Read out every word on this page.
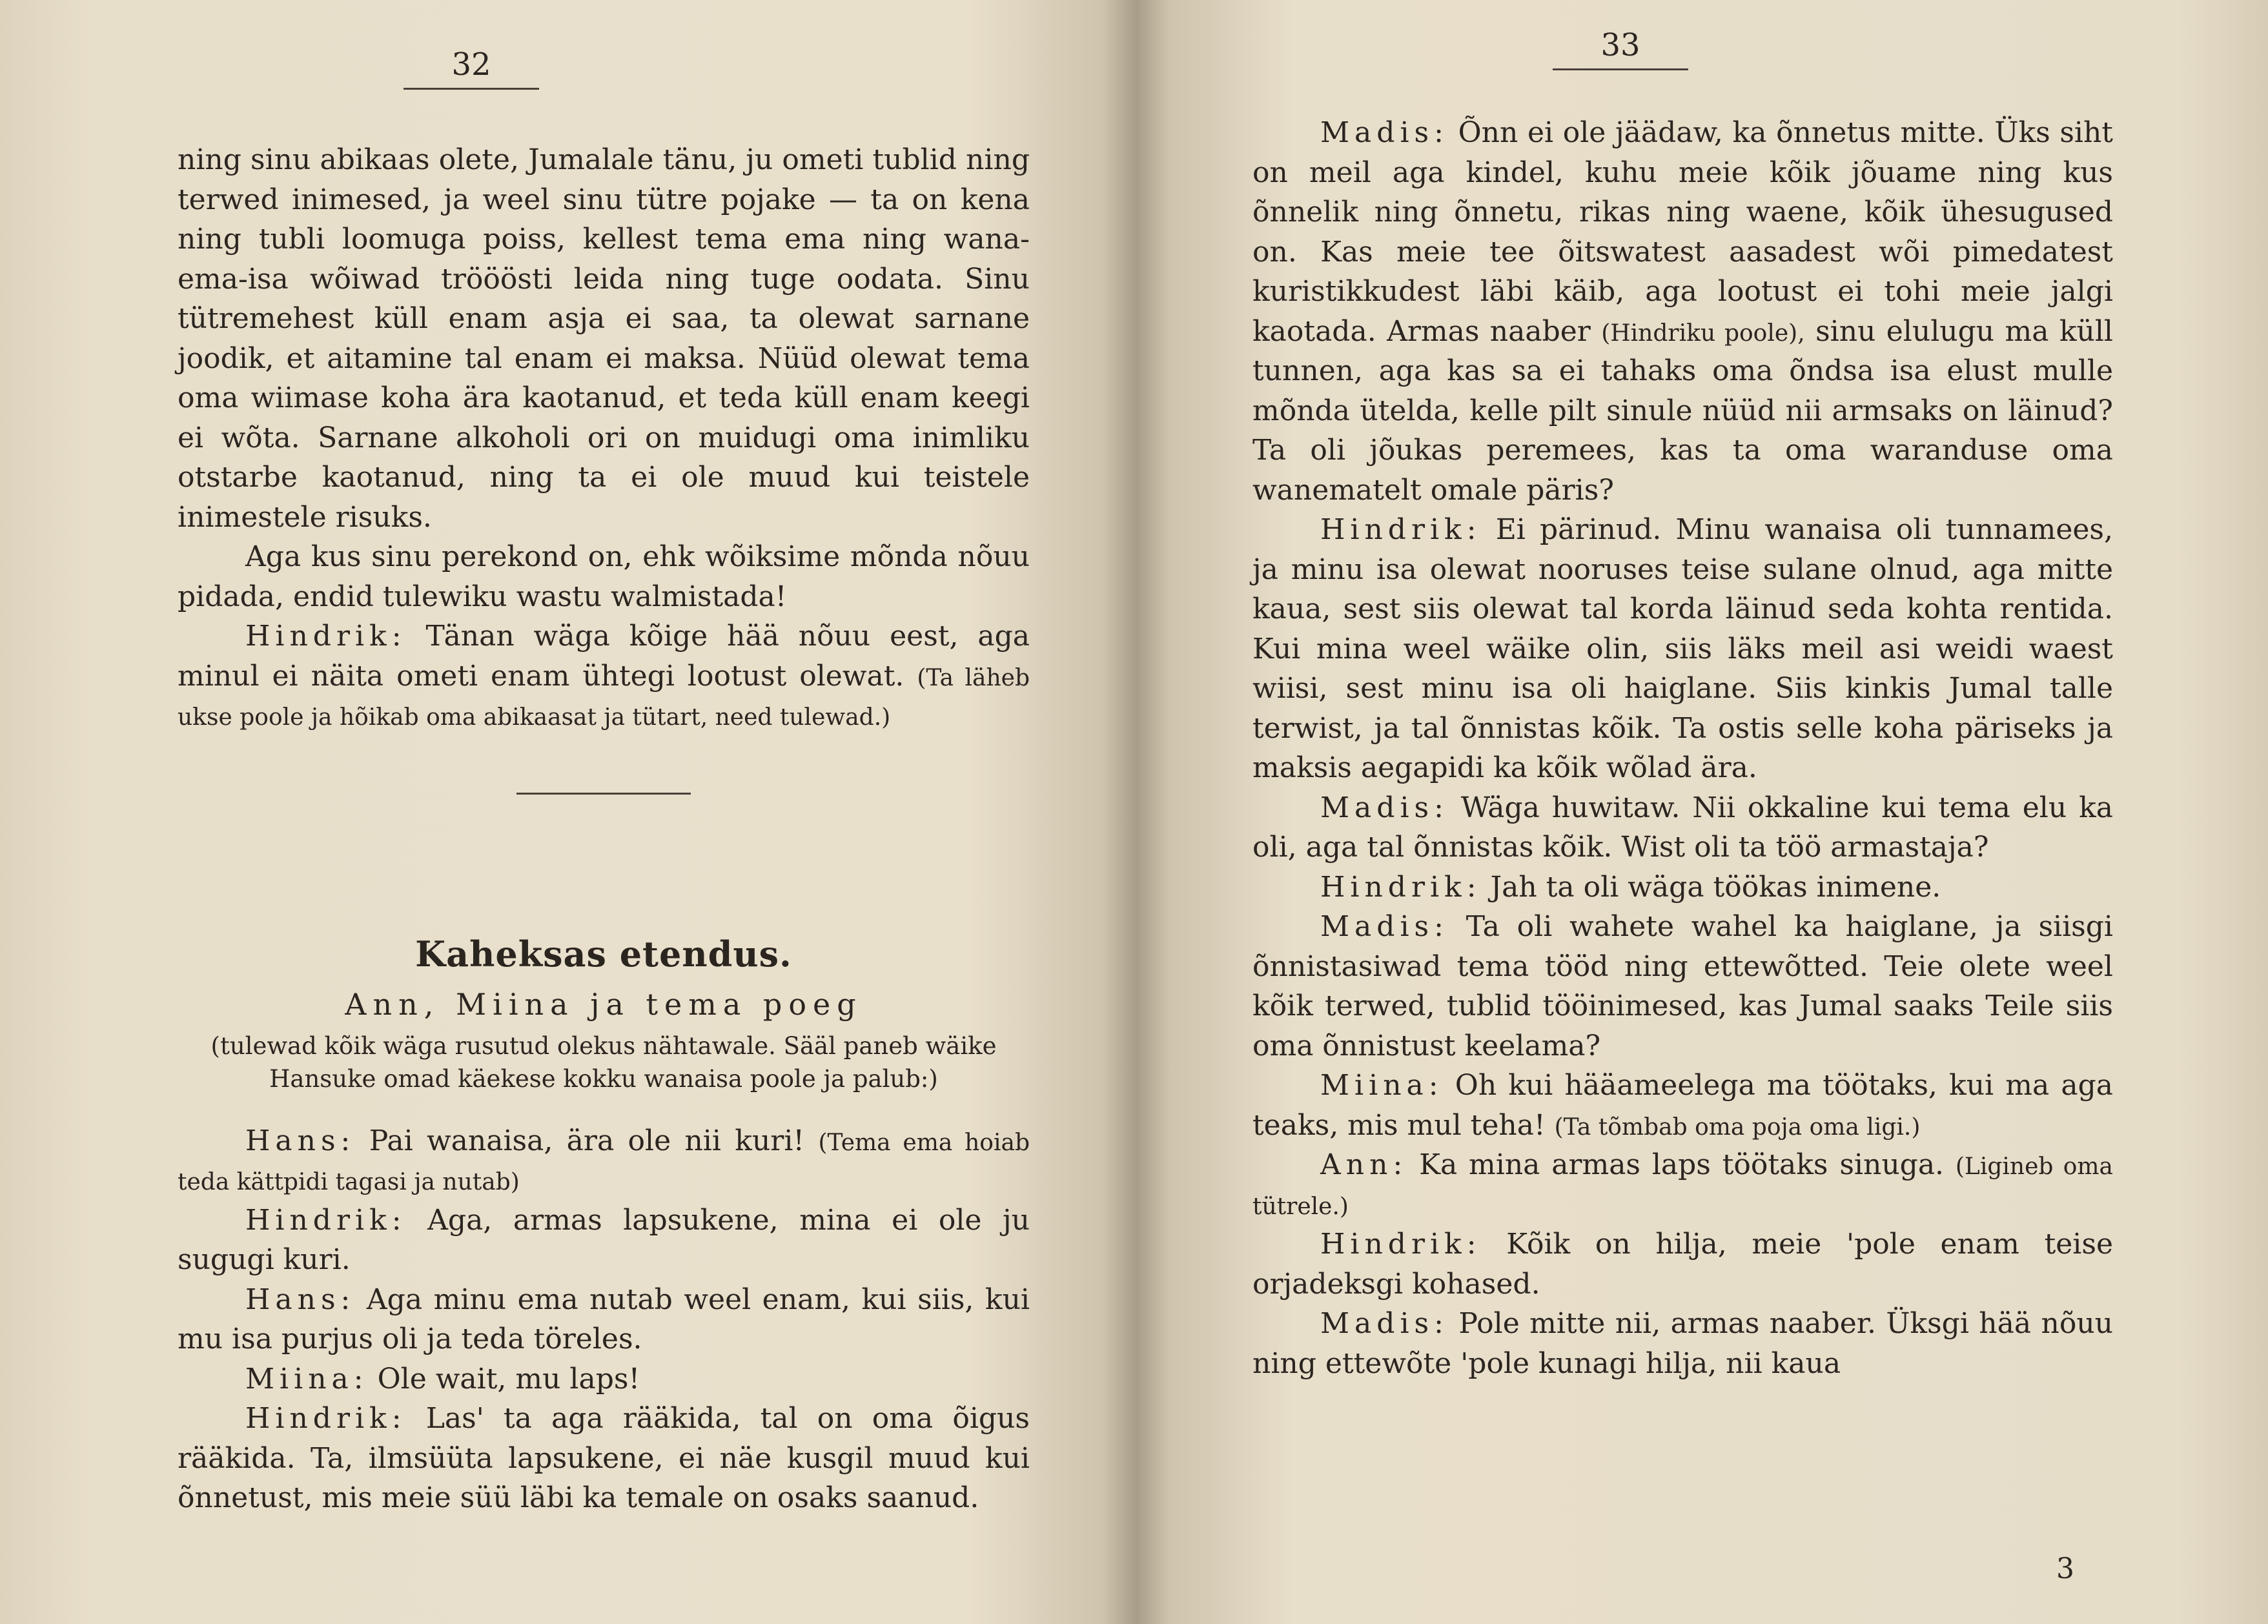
32

ning sinu abikaas olete, Jumalale tänu, ju ometi tublid ning terwed inimesed, ja weel sinu tütre pojake — ta on kena ning tubli loomuga poiss, kellest tema ema ning wana-ema-isa wõiwad trööösti leida ning tuge oodata. Sinu tütremehest küll enam asja ei saa, ta olewat sarnane joodik, et aitamine tal enam ei maksa. Nüüd olewat tema oma wiimase koha ära kaotanud, et teda küll enam keegi ei wõta. Sarnane alkoholi ori on muidugi oma inimliku otstarbe kaotanud, ning ta ei ole muud kui teistele inimestele risuks.

Aga kus sinu perekond on, ehk wõiksime mõnda nõuu pidada, endid tulewiku wastu walmistada!

Hindrik: Tänan wäga kõige hää nõuu eest, aga minul ei näita ometi enam ühtegi lootust olewat. (Ta läheb ukse poole ja hõikab oma abikaasat ja tütart, need tulewad.)

Kaheksas etendus.
Ann, Miina ja tema poeg
(tulewad kõik wäga rusutud olekus nähtawale. Sääl paneb wäike Hansuke omad käekese kokku wanaisa poole ja palub:)

Hans: Pai wanaisa, ära ole nii kuri! (Tema ema hoiab teda kättpidi tagasi ja nutab)

Hindrik: Aga, armas lapsukene, mina ei ole ju sugugi kuri.

Hans: Aga minu ema nutab weel enam, kui siis, kui mu isa purjus oli ja teda töreles.

Miina: Ole wait, mu laps!

Hindrik: Las' ta aga rääkida, tal on oma õigus rääkida. Ta, ilmsüüta lapsukene, ei näe kusgil muud kui õnnetust, mis meie süü läbi ka temale on osaks saanud.

33

Madis: Õnn ei ole jäädaw, ka õnnetus mitte. Üks siht on meil aga kindel, kuhu meie kõik jõuame ning kus õnnelik ning õnnetu, rikas ning waene, kõik ühesugused on. Kas meie tee õitswatest aasadest wõi pimedatest kuristikkudest läbi käib, aga lootust ei tohi meie jalgi kaotada. Armas naaber (Hindriku poole), sinu elulugu ma küll tunnen, aga kas sa ei tahaks oma õndsa isa elust mulle mõnda ütelda, kelle pilt sinule nüüd nii armsaks on läinud? Ta oli jõukas peremees, kas ta oma waranduse oma wanematelt omale päris?

Hindrik: Ei pärinud. Minu wanaisa oli tunnamees, ja minu isa olewat nooruses teise sulane olnud, aga mitte kaua, sest siis olewat tal korda läinud seda kohta rentida. Kui mina weel wäike olin, siis läks meil asi weidi waest wiisi, sest minu isa oli haiglane. Siis kinkis Jumal talle terwist, ja tal õnnistas kõik. Ta ostis selle koha päriseks ja maksis aegapidi ka kõik wõlad ära.

Madis: Wäga huwitaw. Nii okkaline kui tema elu ka oli, aga tal õnnistas kõik. Wist oli ta töö armastaja?

Hindrik: Jah ta oli wäga töökas inimene.

Madis: Ta oli wahete wahel ka haiglane, ja siisgi õnnistasiwad tema tööd ning ettewõtted. Teie olete weel kõik terwed, tublid tööinimesed, kas Jumal saaks Teile siis oma õnnistust keelama?

Miina: Oh kui hääameelega ma töötaks, kui ma aga teaks, mis mul teha! (Ta tõmbab oma poja oma ligi.)

Ann: Ka mina armas laps töötaks sinuga. (Ligineb oma tütrele.)

Hindrik: Kõik on hilja, meie 'pole enam teise orjadeksgi kohased.

Madis: Pole mitte nii, armas naaber. Üksgi hää nõuu ning ettewõte 'pole kunagi hilja, nii kaua

3
